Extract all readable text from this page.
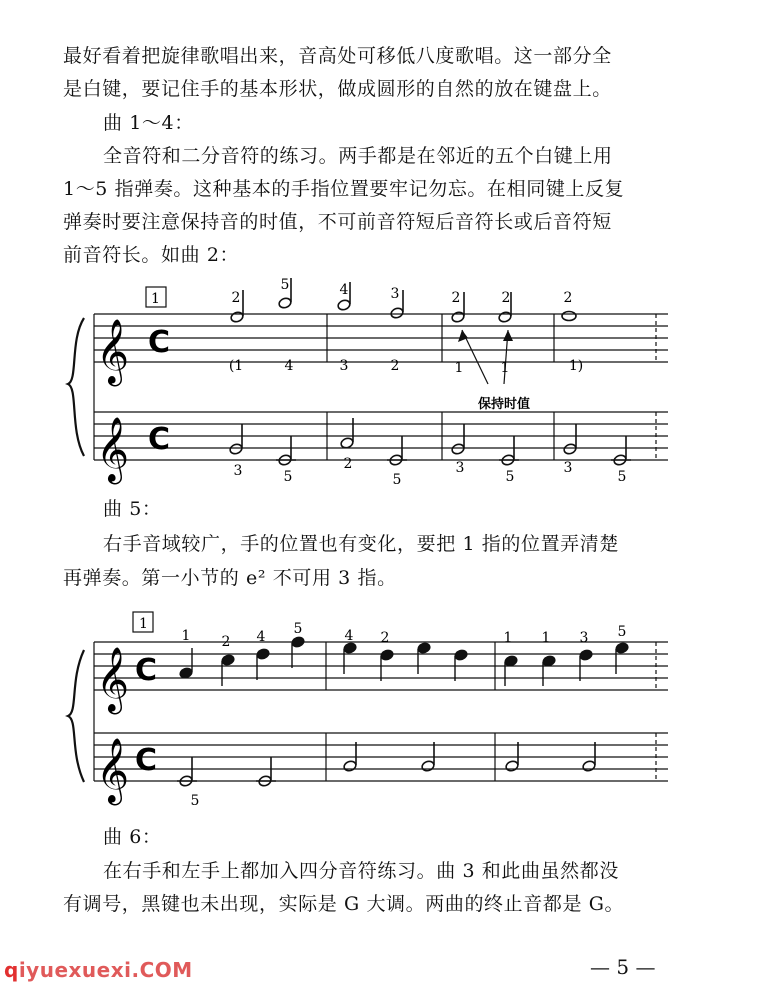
最好看着把旋律歌唱出来，音高处可移低八度歌唱。这一部分全
是白键，要记住手的基本形状，做成圆形的自然的放在键盘上。
曲 1～4：
全音符和二分音符的练习。两手都是在邻近的五个白键上用
1～5 指弹奏。这种基本的手指位置要牢记勿忘。在相同键上反复
弹奏时要注意保持音的时值，不可前音符短后音符长或后音符短
前音符长。如曲 2：
曲 5：
右手音域较广，手的位置也有变化，要把 1 指的位置弄清楚
再弹奏。第一小节的 e² 不可用 3 指。
曲 6：
在右手和左手上都加入四分音符练习。曲 3 和此曲虽然都没
有调号，黑键也未出现，实际是 G 大调。两曲的终止音都是 G。
1
𝄞
𝄞
C
C
2
5	4	3	2	2	2
(1	4	3	2	1	1	1)
3	2	3	3
5	5	5	5
保持时值
1
𝄞
𝄞
C
C
1 2 4 5	4 2	1 1 3 5
5
— 5 —
qiyuexuexi.COM
